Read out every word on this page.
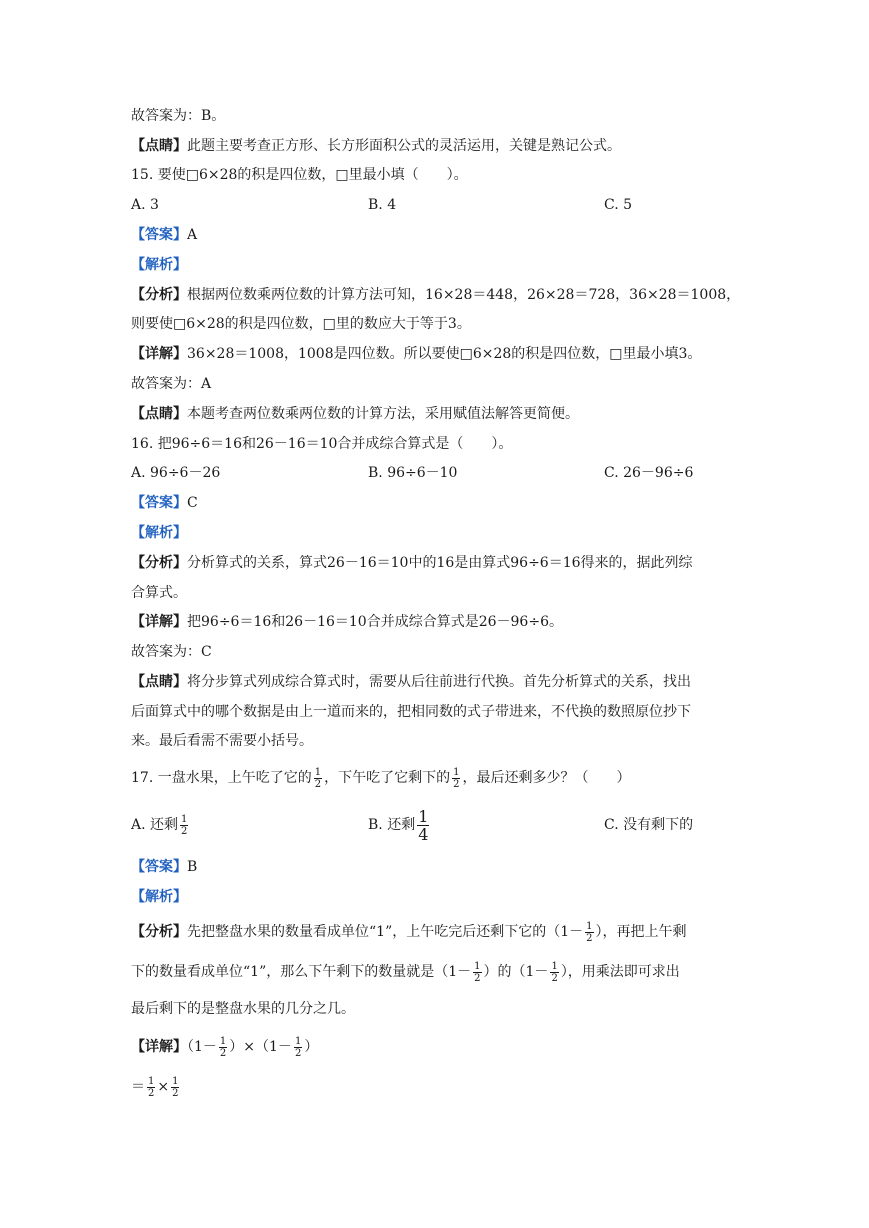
故答案为：B。
【点睛】此题主要考查正方形、长方形面积公式的灵活运用，关键是熟记公式。
15. 要使□6×28的积是四位数，□里最小填（　　）。
A. 3	B. 4	C. 5
【答案】A
【解析】
【分析】根据两位数乘两位数的计算方法可知，16×28＝448，26×28＝728，36×28＝1008，
则要使□6×28的积是四位数，□里的数应大于等于3。
【详解】36×28＝1008，1008是四位数。所以要使□6×28的积是四位数，□里最小填3。
故答案为：A
【点睛】本题考查两位数乘两位数的计算方法，采用赋值法解答更简便。
16. 把96÷6＝16和26－16＝10合并成综合算式是（　　）。
A. 96÷6－26	B. 96÷6－10	C. 26－96÷6
【答案】C
【解析】
【分析】分析算式的关系，算式26－16＝10中的16是由算式96÷6＝16得来的，据此列综
合算式。
【详解】把96÷6＝16和26－16＝10合并成综合算式是26－96÷6。
故答案为：C
【点睛】将分步算式列成综合算式时，需要从后往前进行代换。首先分析算式的关系，找出
后面算式中的哪个数据是由上一道而来的，把相同数的式子带进来，不代换的数照原位抄下
来。最后看需不需要小括号。
17. 一盘水果，上午吃了它的 $\frac{1}{2}$ ，下午吃了它剩下的 $\frac{1}{2}$ ，最后还剩多少？（　　）
A. 还剩 $\frac{1}{2}$	B. 还剩 $\frac{1}{4}$	C. 没有剩下的
【答案】B
【解析】
【分析】先把整盘水果的数量看成单位“1”，上午吃完后还剩下它的（$1- \frac{1}{2}$ ），再把上午剩
下的数量看成单位“1”，那么下午剩下的数量就是（$1- \frac{1}{2}$ ）的（$1- \frac{1}{2}$ ），用乘法即可求出
最后剩下的是整盘水果的几分之几。
【详解】$(1- \frac{1}{2} )\times(1- \frac{1}{2}$ ）
＝ $\frac{1}{2} \times \frac{1}{2}$
